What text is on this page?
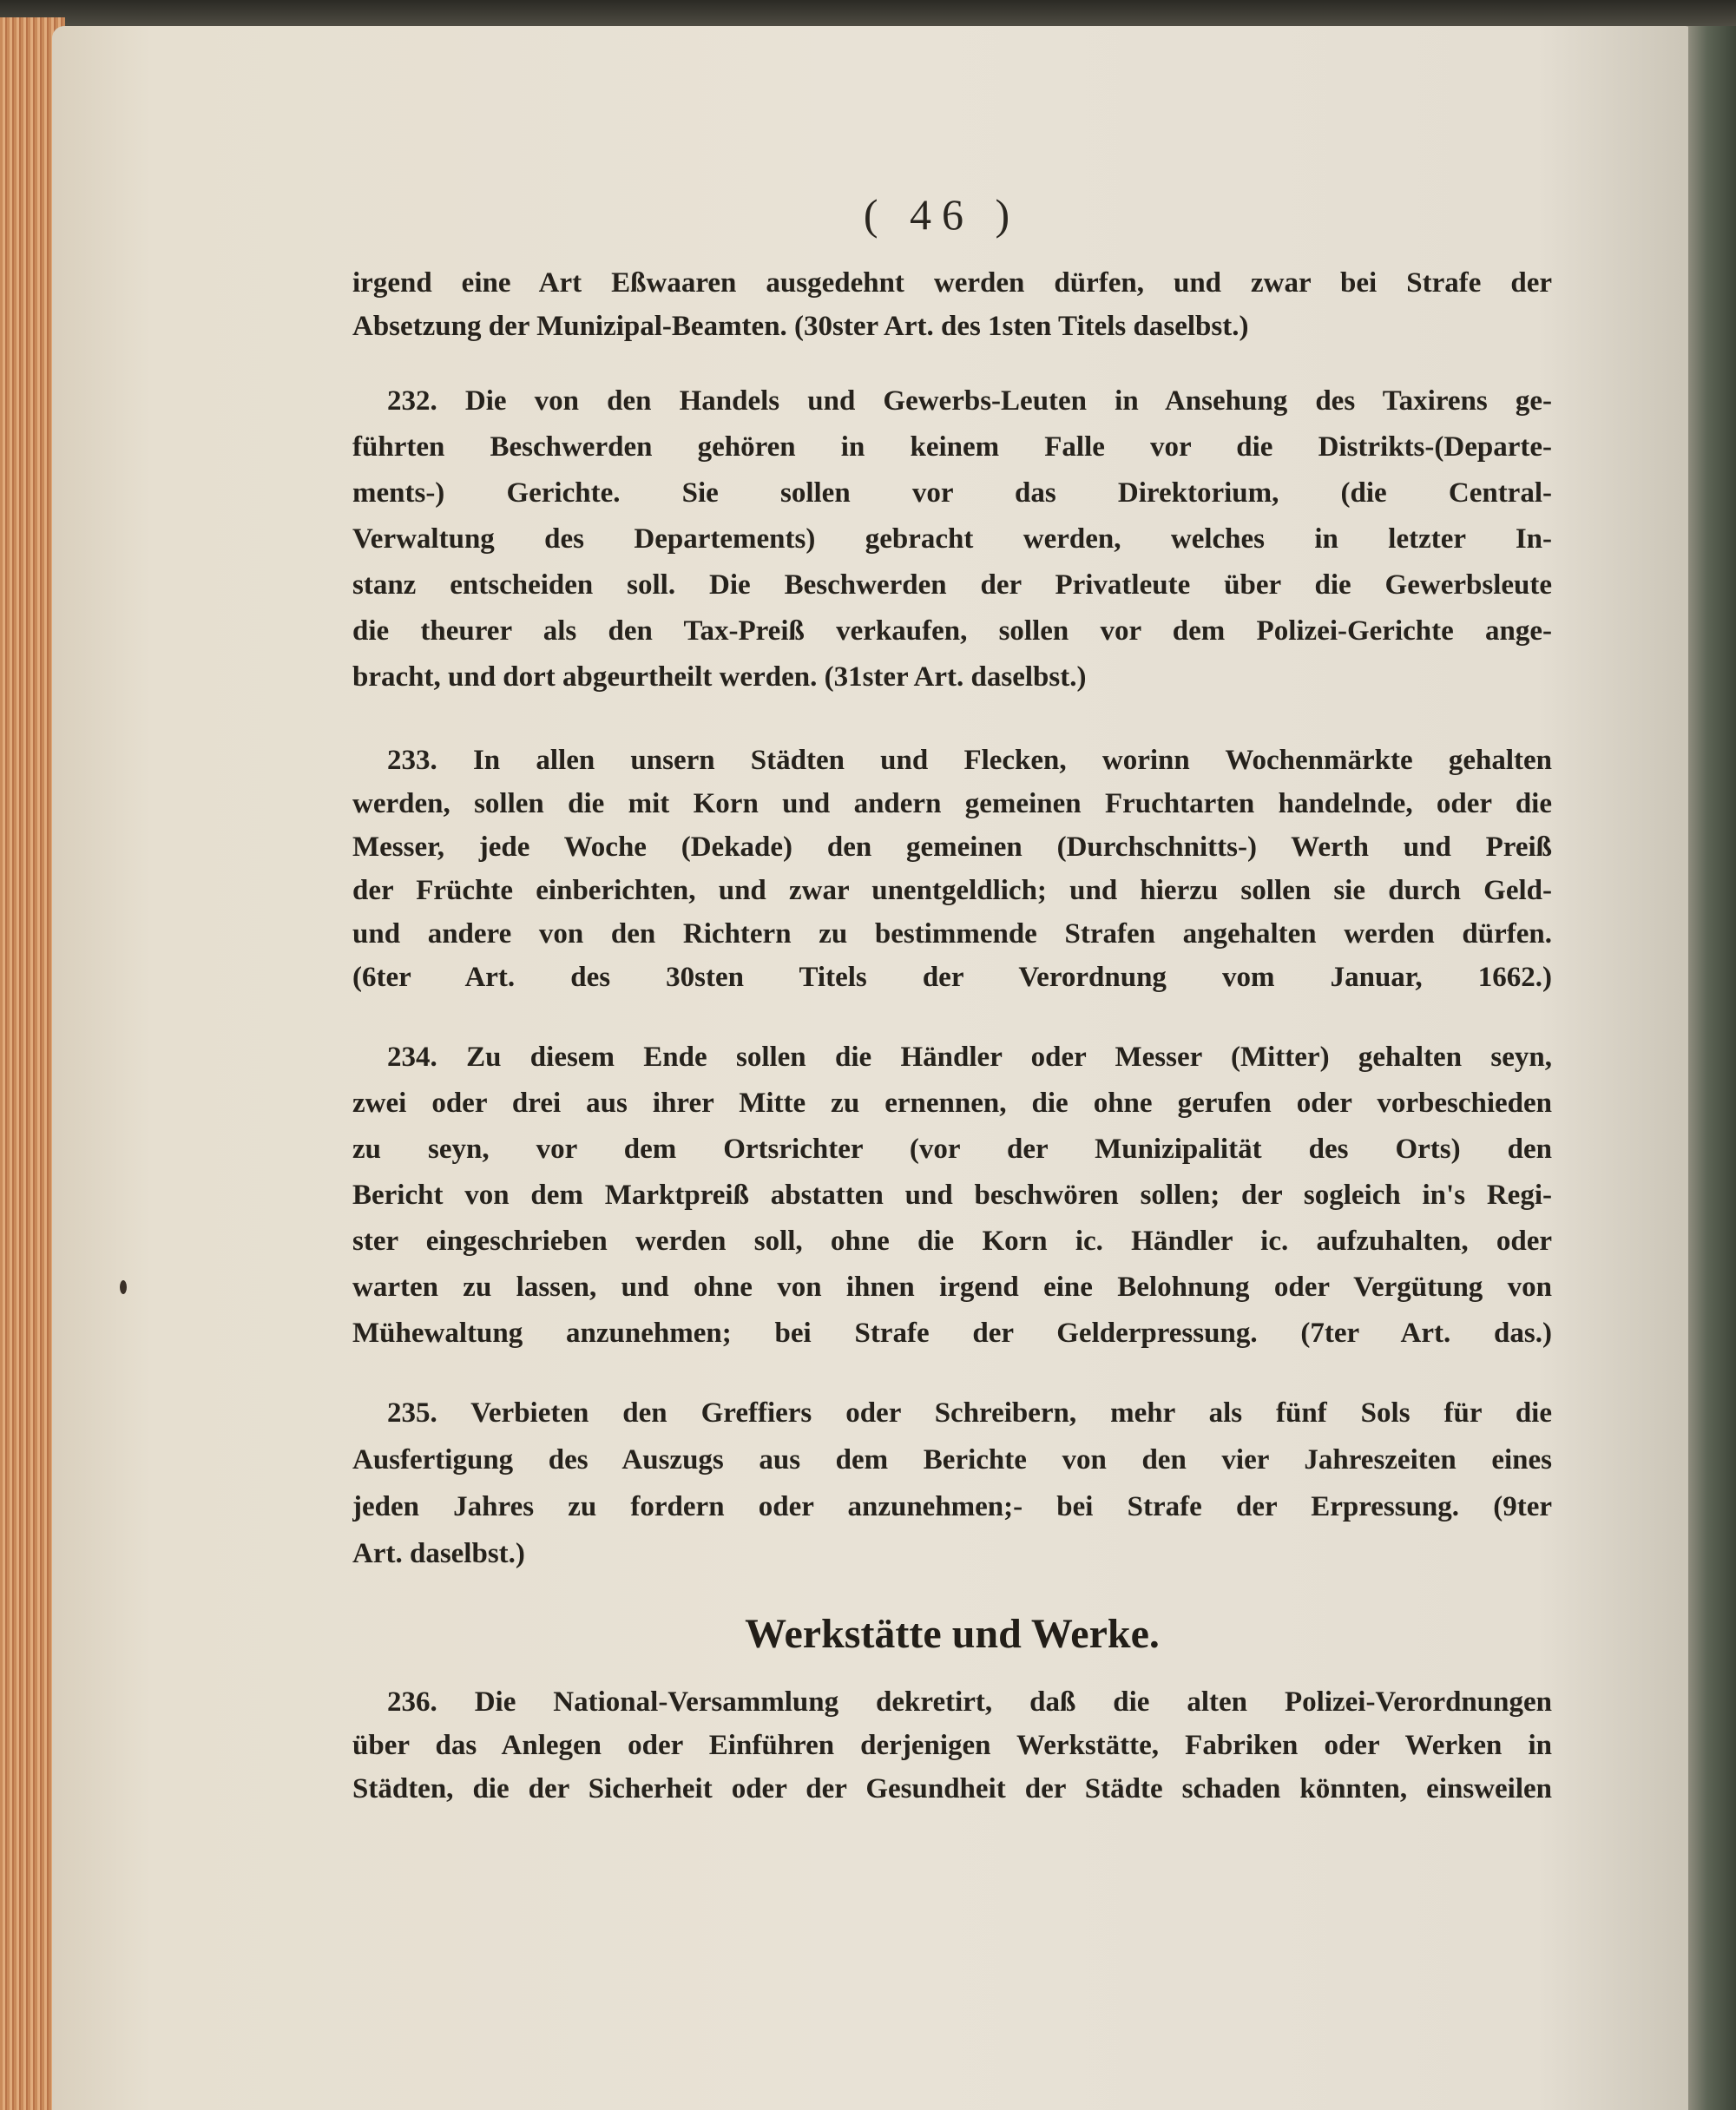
( 46 )
irgend eine Art Eßwaaren ausgedehnt werden dürfen, und zwar bei Strafe der
Absetzung der Munizipal-Beamten. (30ster Art. des 1sten Titels daselbst.)
232. Die von den Handels und Gewerbs-Leuten in Ansehung des Taxirens ge-
führten Beschwerden gehören in keinem Falle vor die Distrikts-(Departe-
ments-) Gerichte. Sie sollen vor das Direktorium, (die Central-
Verwaltung des Departements) gebracht werden, welches in letzter In-
stanz entscheiden soll. Die Beschwerden der Privatleute über die Gewerbsleute
die theurer als den Tax-Preiß verkaufen, sollen vor dem Polizei-Gerichte ange-
bracht, und dort abgeurtheilt werden. (31ster Art. daselbst.)
233. In allen unsern Städten und Flecken, worinn Wochenmärkte gehalten
werden, sollen die mit Korn und andern gemeinen Fruchtarten handelnde, oder die
Messer, jede Woche (Dekade) den gemeinen (Durchschnitts-) Werth und Preiß
der Früchte einberichten, und zwar unentgeldlich; und hierzu sollen sie durch Geld-
und andere von den Richtern zu bestimmende Strafen angehalten werden dürfen.
(6ter Art. des 30sten Titels der Verordnung vom Januar, 1662.)
234. Zu diesem Ende sollen die Händler oder Messer (Mitter) gehalten seyn,
zwei oder drei aus ihrer Mitte zu ernennen, die ohne gerufen oder vorbeschieden
zu seyn, vor dem Ortsrichter (vor der Munizipalität des Orts) den
Bericht von dem Marktpreiß abstatten und beschwören sollen; der sogleich in's Regi-
ster eingeschrieben werden soll, ohne die Korn ic. Händler ic. aufzuhalten, oder
warten zu lassen, und ohne von ihnen irgend eine Belohnung oder Vergütung von
Mühewaltung anzunehmen; bei Strafe der Gelderpressung. (7ter Art. das.)
235. Verbieten den Greffiers oder Schreibern, mehr als fünf Sols für die
Ausfertigung des Auszugs aus dem Berichte von den vier Jahreszeiten eines
jeden Jahres zu fordern oder anzunehmen;- bei Strafe der Erpressung. (9ter
Art. daselbst.)
Werkstätte und Werke.
236. Die National-Versammlung dekretirt, daß die alten Polizei-Verordnungen
über das Anlegen oder Einführen derjenigen Werkstätte, Fabriken oder Werken in
Städten, die der Sicherheit oder der Gesundheit der Städte schaden könnten, einsweilen
